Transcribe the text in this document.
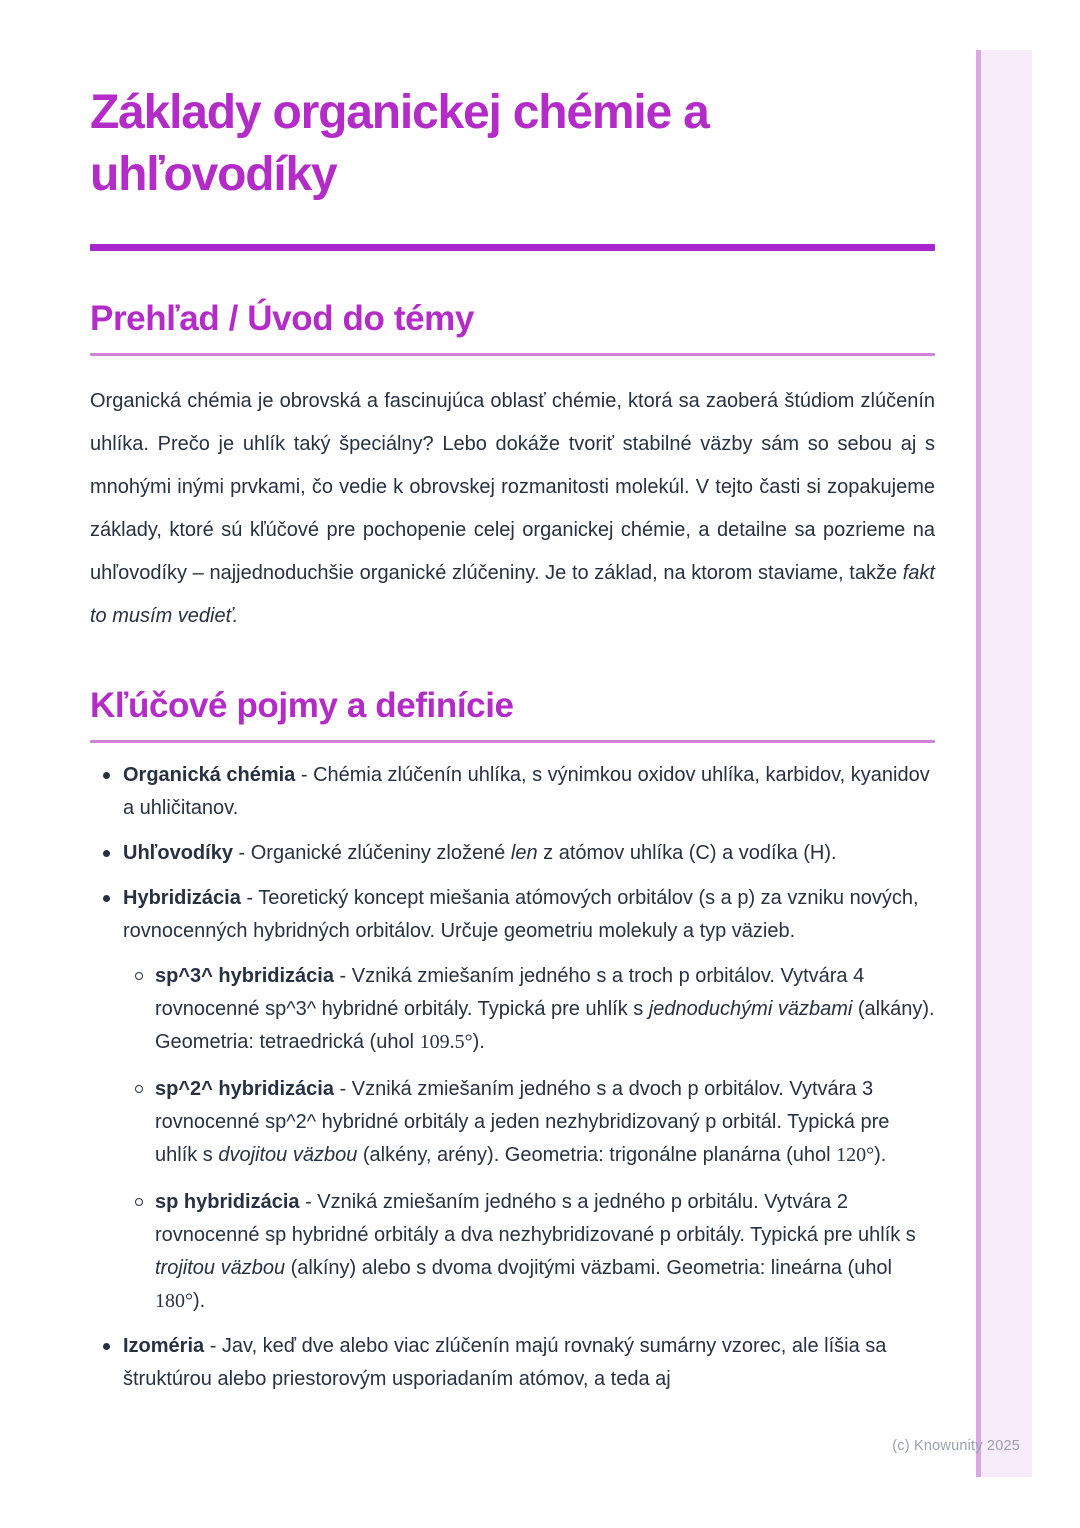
Základy organickej chémie a uhľovodíky
Prehľad / Úvod do témy

Organická chémia je obrovská a fascinujúca oblasť chémie, ktorá sa zaoberá štúdiom zlúčenín uhlíka. Prečo je uhlík taký špeciálny? Lebo dokáže tvoriť stabilné väzby sám so sebou aj s mnohými inými prvkami, čo vedie k obrovskej rozmanitosti molekúl. V tejto časti si zopakujeme základy, ktoré sú kľúčové pre pochopenie celej organickej chémie, a detailne sa pozrieme na uhľovodíky – najjednoduchšie organické zlúčeniny. Je to základ, na ktorom staviame, takže fakt to musím vedieť.

Kľúčové pojmy a definície
Organická chémia - Chémia zlúčenín uhlíka, s výnimkou oxidov uhlíka, karbidov, kyanidov a uhličitanov.
Uhľovodíky - Organické zlúčeniny zložené len z atómov uhlíka (C) a vodíka (H).
Hybridizácia - Teoretický koncept miešania atómových orbitálov (s a p) za vzniku nových, rovnocenných hybridných orbitálov. Určuje geometriu molekuly a typ väzieb.
sp^3^ hybridizácia - Vzniká zmiešaním jedného s a troch p orbitálov. Vytvára 4 rovnocenné sp^3^ hybridné orbitály. Typická pre uhlík s jednoduchými väzbami (alkány). Geometria: tetraedrická (uhol 109.5°).
sp^2^ hybridizácia - Vzniká zmiešaním jedného s a dvoch p orbitálov. Vytvára 3 rovnocenné sp^2^ hybridné orbitály a jeden nezhybridizovaný p orbitál. Typická pre uhlík s dvojitou väzbou (alkény, arény). Geometria: trigonálne planárna (uhol 120°).
sp hybridizácia - Vzniká zmiešaním jedného s a jedného p orbitálu. Vytvára 2 rovnocenné sp hybridné orbitály a dva nezhybridizované p orbitály. Typická pre uhlík s trojitou väzbou (alkíny) alebo s dvoma dvojitými väzbami. Geometria: lineárna (uhol 180°).
Izoméria - Jav, keď dve alebo viac zlúčenín majú rovnaký sumárny vzorec, ale líšia sa štruktúrou alebo priestorovým usporiadaním atómov, a teda aj
(c) Knowunity 2025
